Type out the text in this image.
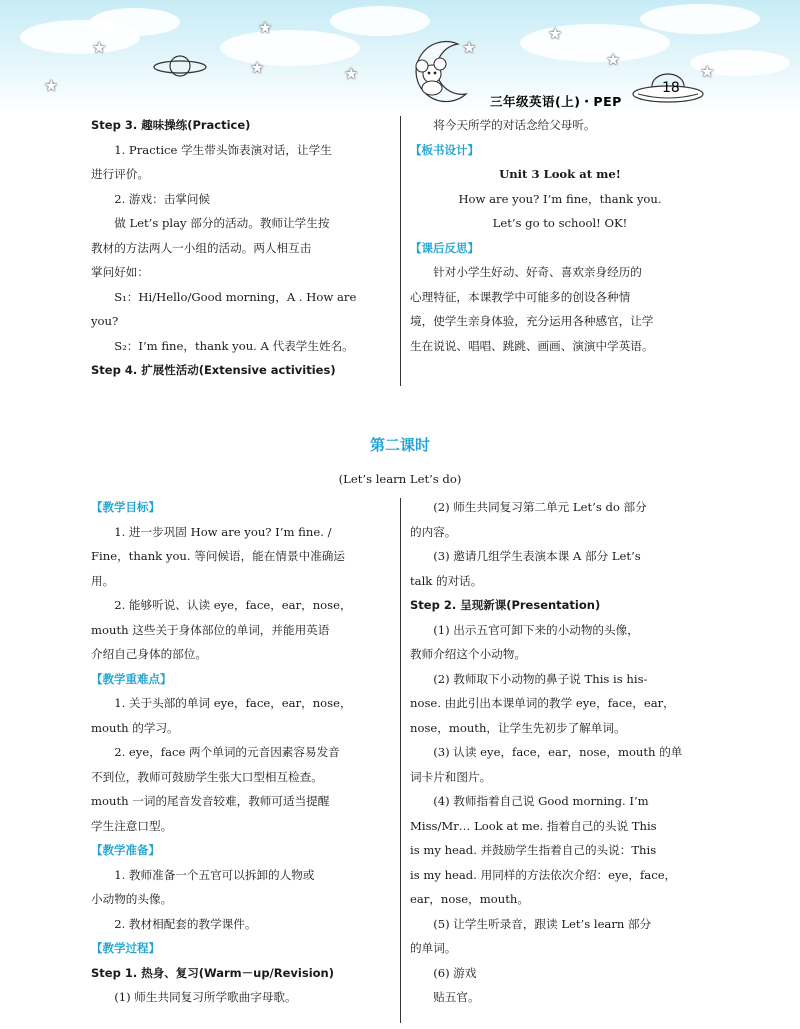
★
★
★
★
★
★
★
★
★
18
三年级英语(上)・PEP

Step 3. 趣味操练(Practice)

1. Practice 学生带头饰表演对话，让学生

进行评价。

2. 游戏：击掌问候

做 Let’s play 部分的活动。教师让学生按

教材的方法两人一小组的活动。两人相互击

掌问好如：

S₁：Hi/Hello/Good morning，A . How are

you?

S₂：I’m fine，thank you. A 代表学生姓名。

Step 4. 扩展性活动(Extensive activities)

将今天所学的对话念给父母听。

【板书设计】

Unit 3 Look at me!

How are you? I’m fine，thank you.

Let’s go to school! OK!

【课后反思】

针对小学生好动、好奇、喜欢亲身经历的

心理特征，本课教学中可能多的创设各种情

境，使学生亲身体验，充分运用各种感官，让学

生在说说、唱唱、跳跳、画画、演演中学英语。

第二课时
(Let’s learn Let’s do)

【教学目标】

1. 进一步巩固 How are you? I’m fine. /

Fine，thank you. 等问候语，能在情景中准确运

用。

2. 能够听说、认读 eye，face，ear，nose，

mouth 这些关于身体部位的单词，并能用英语

介绍自己身体的部位。

【教学重难点】

1. 关于头部的单词 eye，face，ear，nose，

mouth 的学习。

2. eye，face 两个单词的元音因素容易发音

不到位，教师可鼓励学生张大口型相互检查。

mouth 一词的尾音发音较难，教师可适当提醒

学生注意口型。

【教学准备】

1. 教师准备一个五官可以拆卸的人物或

小动物的头像。

2. 教材相配套的教学课件。

【教学过程】

Step 1. 热身、复习(Warm－up/Revision)

(1) 师生共同复习所学歌曲字母歌。

(2) 师生共同复习第二单元 Let’s do 部分

的内容。

(3) 邀请几组学生表演本课 A 部分 Let’s

talk 的对话。

Step 2. 呈现新课(Presentation)

(1) 出示五官可卸下来的小动物的头像，

教师介绍这个小动物。

(2) 教师取下小动物的鼻子说 This is his-

nose. 由此引出本课单词的教学 eye，face，ear，

nose，mouth，让学生先初步了解单词。

(3) 认读 eye，face，ear，nose，mouth 的单

词卡片和图片。

(4) 教师指着自己说 Good morning. I’m

Miss/Mr… Look at me. 指着自己的头说 This

is my head. 并鼓励学生指着自己的头说：This

is my head. 用同样的方法依次介绍：eye，face，

ear，nose，mouth。

(5) 让学生听录音，跟读 Let’s learn 部分

的单词。

(6) 游戏

贴五官。
